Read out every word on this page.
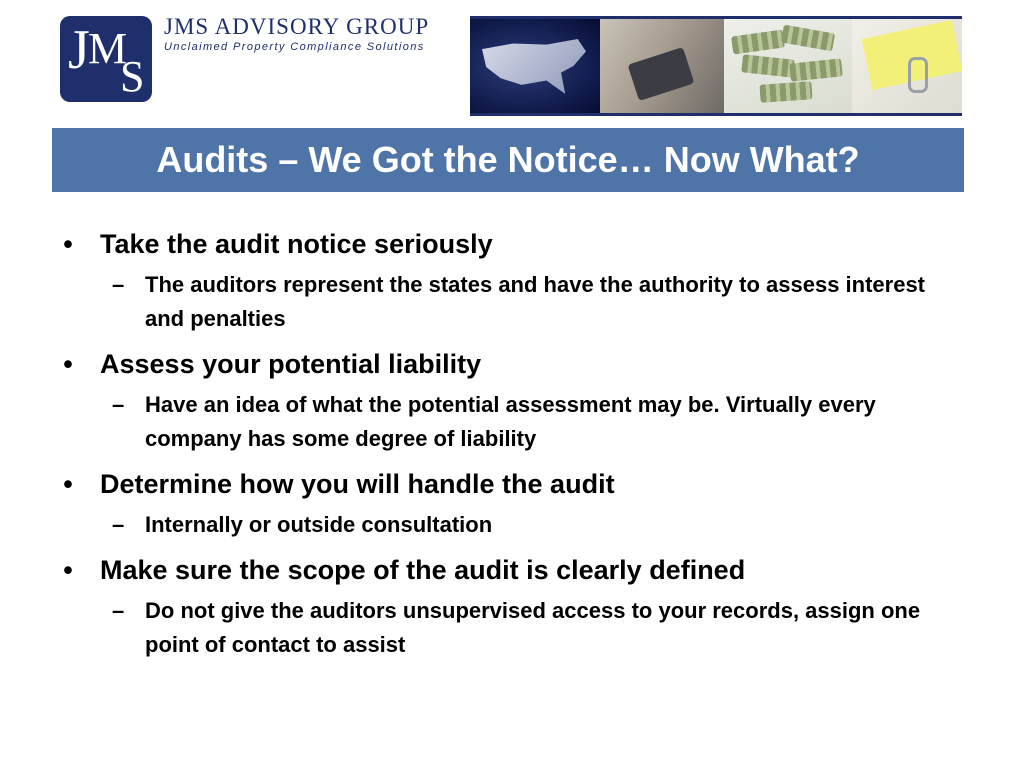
J
M
S
JMS ADVISORY GROUP
Unclaimed Property Compliance Solutions
Audits – We Got the Notice… Now What?
• Take the audit notice seriously
– The auditors represent the states and have the authority to assess interest and penalties
• Assess your potential liability
– Have an idea of what the potential assessment may be. Virtually every company has some degree of liability
• Determine how you will handle the audit
– Internally or outside consultation
• Make sure the scope of the audit is clearly defined
– Do not give the auditors unsupervised access to your records, assign one point of contact to assist
